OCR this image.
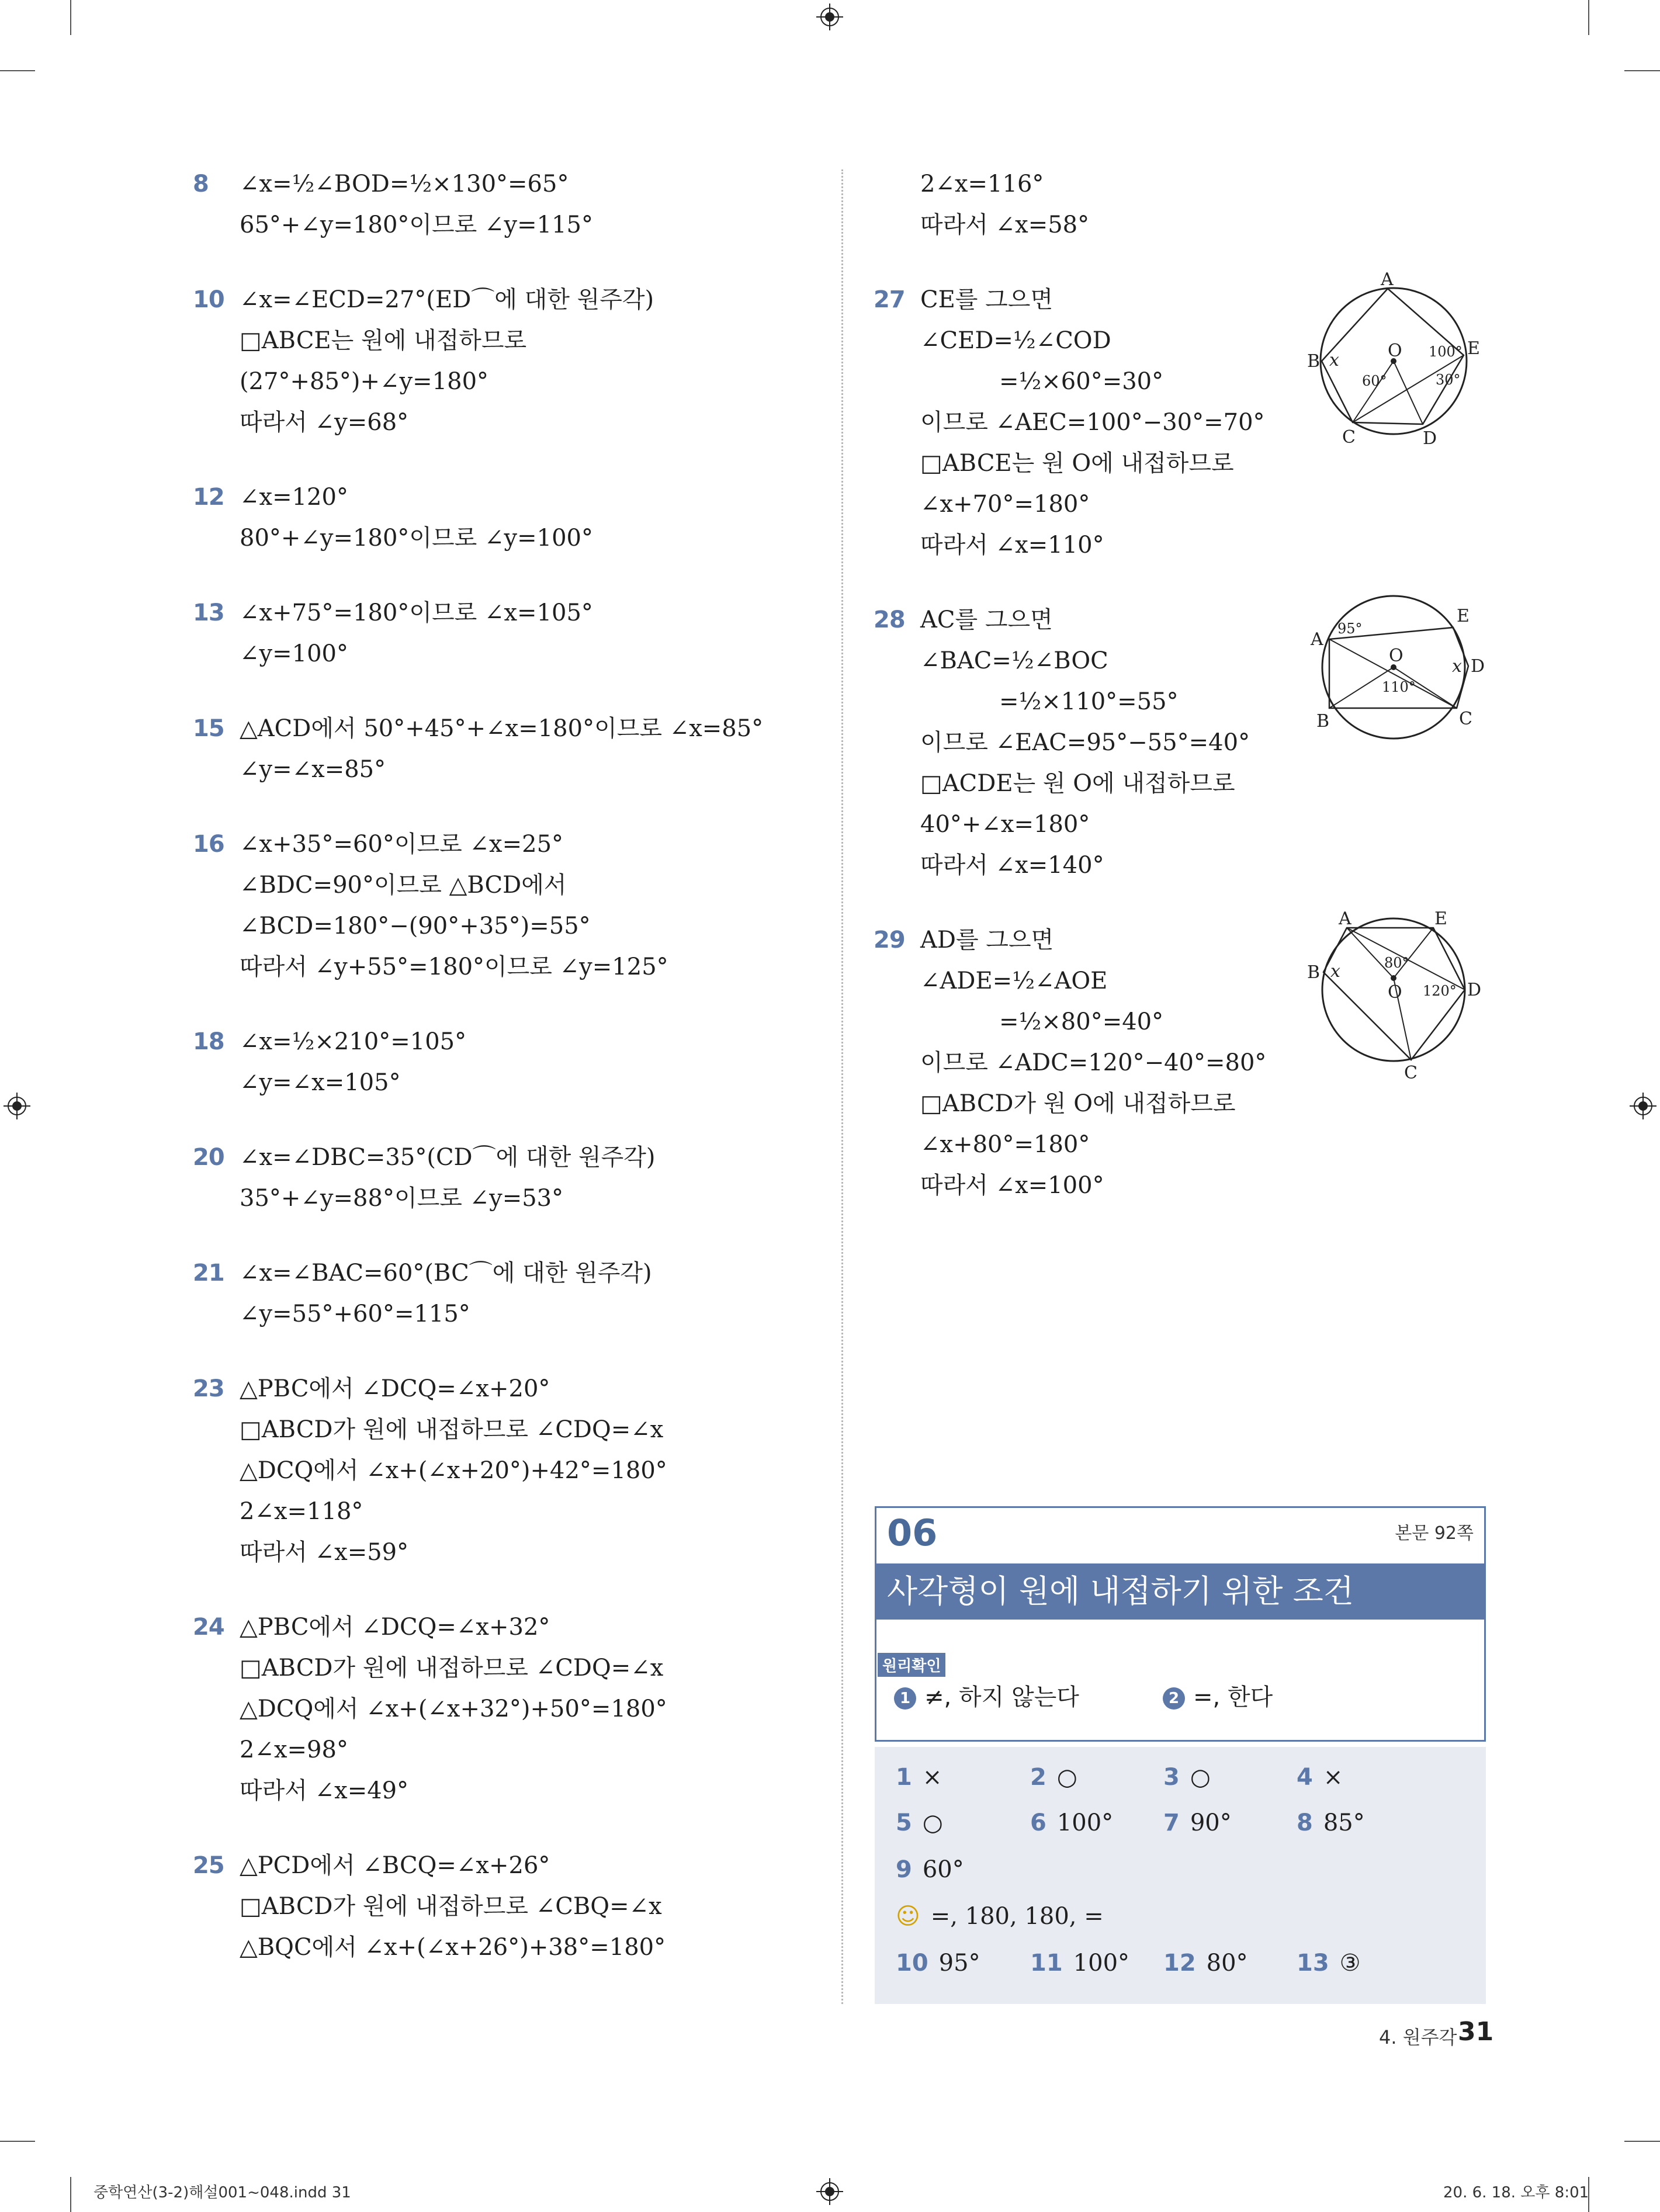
8 ∠x=½∠BOD=½×130°=65°
65°+∠y=180°이므로 ∠y=115°
10 ∠x=∠ECD=27°(ED⌒에 대한 원주각)
□ABCE는 원에 내접하므로
(27°+85°)+∠y=180°
따라서 ∠y=68°
12 ∠x=120°
80°+∠y=180°이므로 ∠y=100°
13 ∠x+75°=180°이므로 ∠x=105°
∠y=100°
15 △ACD에서 50°+45°+∠x=180°이므로 ∠x=85°
∠y=∠x=85°
16 ∠x+35°=60°이므로 ∠x=25°
∠BDC=90°이므로 △BCD에서
∠BCD=180°−(90°+35°)=55°
따라서 ∠y+55°=180°이므로 ∠y=125°
18 ∠x=½×210°=105°
∠y=∠x=105°
20 ∠x=∠DBC=35°(CD⌒에 대한 원주각)
35°+∠y=88°이므로 ∠y=53°
21 ∠x=∠BAC=60°(BC⌒에 대한 원주각)
∠y=55°+60°=115°
23 △PBC에서 ∠DCQ=∠x+20°
□ABCD가 원에 내접하므로 ∠CDQ=∠x
△DCQ에서 ∠x+(∠x+20°)+42°=180°
2∠x=118°
따라서 ∠x=59°
24 △PBC에서 ∠DCQ=∠x+32°
□ABCD가 원에 내접하므로 ∠CDQ=∠x
△DCQ에서 ∠x+(∠x+32°)+50°=180°
2∠x=98°
따라서 ∠x=49°
25 △PCD에서 ∠BCQ=∠x+26°
□ABCD가 원에 내접하므로 ∠CBQ=∠x
△BQC에서 ∠x+(∠x+26°)+38°=180°
2∠x=116°
따라서 ∠x=58°
27 CE를 그으면
∠CED=½∠COD
=½×60°=30°
이므로 ∠AEC=100°−30°=70°
□ABCE는 원 O에 내접하므로
∠x+70°=180°
따라서 ∠x=110°
A
B
C	D
E
O
x
60°
100°
30°
28 AC를 그으면
∠BAC=½∠BOC
=½×110°=55°
이므로 ∠EAC=95°−55°=40°
□ACDE는 원 O에 내접하므로
40°+∠x=180°
따라서 ∠x=140°
A
B	C
D
E
O
x
95°
110°
29 AD를 그으면
∠ADE=½∠AOE
=½×80°=40°
이므로 ∠ADC=120°−40°=80°
□ABCD가 원 O에 내접하므로
∠x+80°=180°
따라서 ∠x=100°
A
B
C
D
E
O
x	80°
120°
06	본문 92쪽
사각형이 원에 내접하기 위한 조건
원리확인
1 ≠, 하지 않는다	2 =, 한다
1 ×	2 ○	3 ○	4 ×
5 ○	6 100° 7 90°	8 85°
9 60°
☺ =, 180, 180, =
10 95° 11 100° 12 80° 13 ③
4. 원주각 31
중학연산(3-2)해설001~048.indd 31	20. 6. 18. 오후 8:01
